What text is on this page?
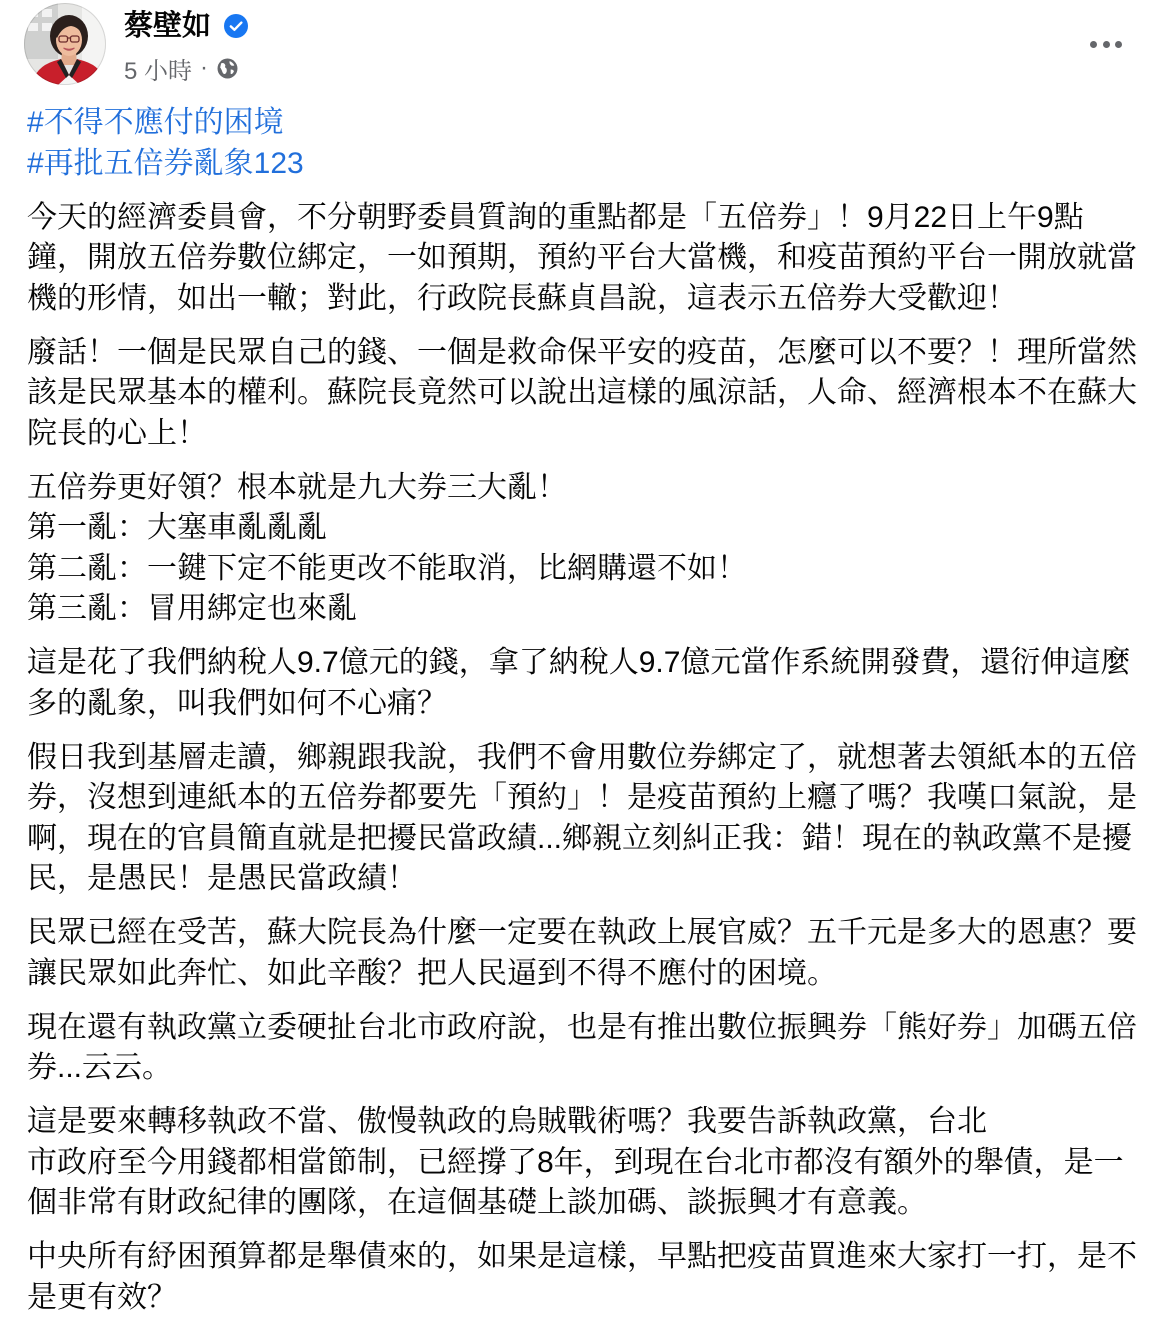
蔡壁如
5 小時 ·
#不得不應付的困境
#再批五倍券亂象123
今天的經濟委員會，不分朝野委員質詢的重點都是「五倍券」！9月22日上午9點
鐘，開放五倍券數位綁定，一如預期，預約平台大當機，和疫苗預約平台一開放就當
機的形情，如出一轍；對此，行政院長蘇貞昌說，這表示五倍券大受歡迎！
廢話！一個是民眾自己的錢、一個是救命保平安的疫苗，怎麼可以不要？！理所當然
該是民眾基本的權利。蘇院長竟然可以說出這樣的風涼話，人命、經濟根本不在蘇大
院長的心上！
五倍券更好領？根本就是九大券三大亂！
第一亂：大塞車亂亂亂
第二亂：一鍵下定不能更改不能取消，比網購還不如！
第三亂：冒用綁定也來亂
這是花了我們納稅人9.7億元的錢，拿了納稅人9.7億元當作系統開發費，還衍伸這麼
多的亂象，叫我們如何不心痛？
假日我到基層走讀，鄉親跟我說，我們不會用數位券綁定了，就想著去領紙本的五倍
券，沒想到連紙本的五倍券都要先「預約」！是疫苗預約上癮了嗎？我嘆口氣說，是
啊，現在的官員簡直就是把擾民當政績...鄉親立刻糾正我：錯！現在的執政黨不是擾
民，是愚民！是愚民當政績！
民眾已經在受苦，蘇大院長為什麼一定要在執政上展官威？五千元是多大的恩惠？要
讓民眾如此奔忙、如此辛酸？把人民逼到不得不應付的困境。
現在還有執政黨立委硬扯台北市政府說，也是有推出數位振興券「熊好券」加碼五倍
券...云云。
這是要來轉移執政不當、傲慢執政的烏賊戰術嗎？我要告訴執政黨，台北
市政府至今用錢都相當節制，已經撐了8年，到現在台北市都沒有額外的舉債，是一
個非常有財政紀律的團隊，在這個基礎上談加碼、談振興才有意義。
中央所有紓困預算都是舉債來的，如果是這樣，早點把疫苗買進來大家打一打，是不
是更有效？
